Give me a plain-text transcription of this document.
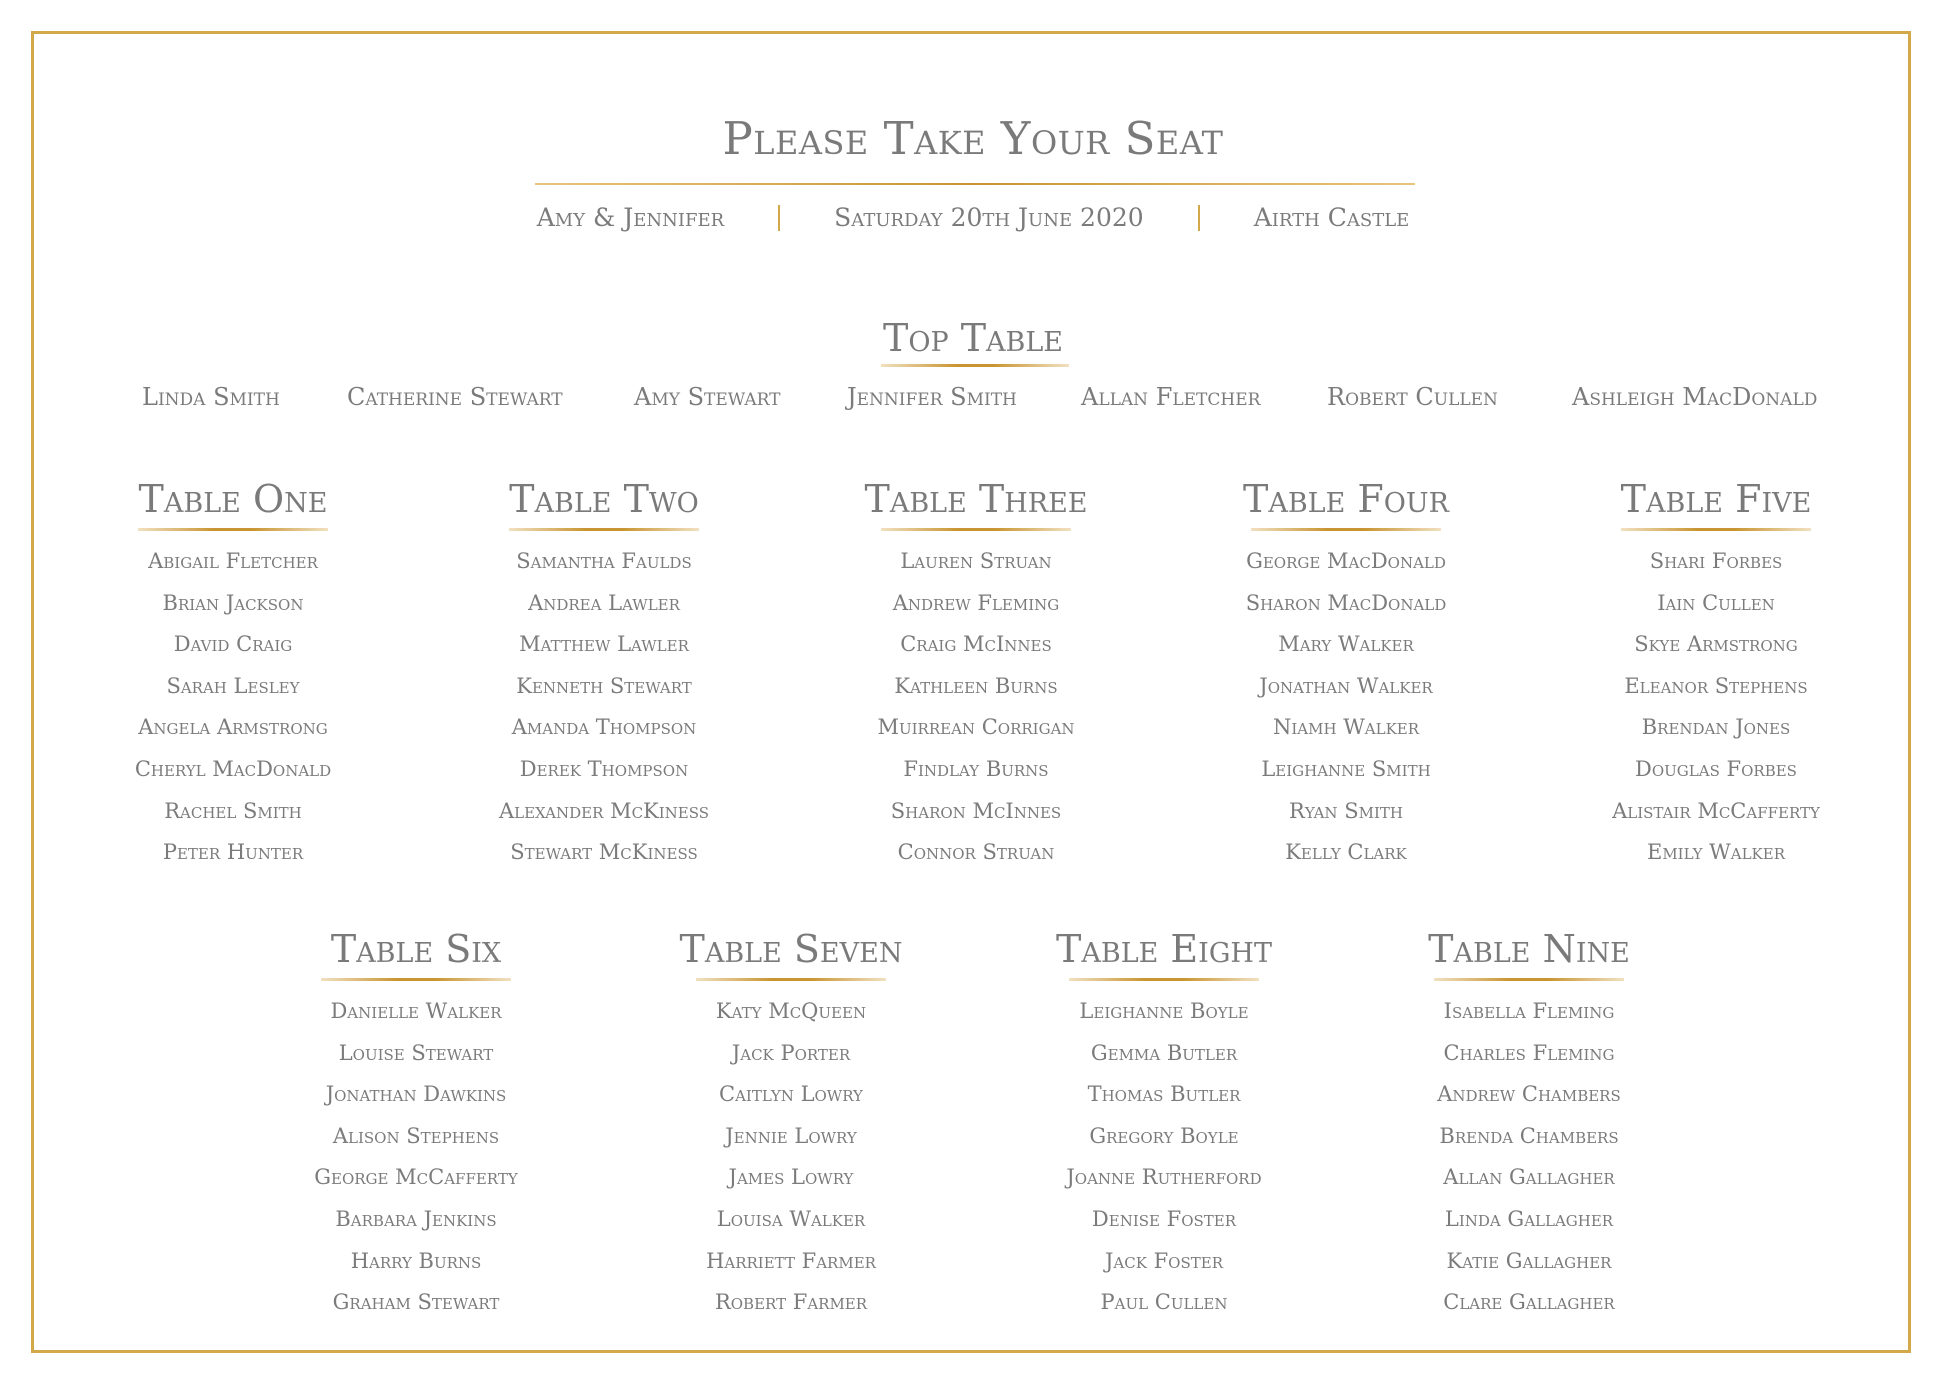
Please Take Your Seat
Amy & Jennifer	Saturday 20th June 2020	Airth Castle
Top Table
Linda Smith	Catherine Stewart	Amy Stewart	Jennifer Smith	Allan Fletcher	Robert Cullen	Ashleigh MacDonald
Table One
Abigail Fletcher
Brian Jackson
David Craig
Sarah Lesley
Angela Armstrong
Cheryl MacDonald
Rachel Smith
Peter Hunter
Table Two
Samantha Faulds
Andrea Lawler
Matthew Lawler
Kenneth Stewart
Amanda Thompson
Derek Thompson
Alexander McKiness
Stewart McKiness
Table Three
Lauren Struan
Andrew Fleming
Craig McInnes
Kathleen Burns
Muirrean Corrigan
Findlay Burns
Sharon McInnes
Connor Struan
Table Four
George MacDonald
Sharon MacDonald
Mary Walker
Jonathan Walker
Niamh Walker
Leighanne Smith
Ryan Smith
Kelly Clark
Table Five
Shari Forbes
Iain Cullen
Skye Armstrong
Eleanor Stephens
Brendan Jones
Douglas Forbes
Alistair McCafferty
Emily Walker
Table Six
Danielle Walker
Louise Stewart
Jonathan Dawkins
Alison Stephens
George McCafferty
Barbara Jenkins
Harry Burns
Graham Stewart
Table Seven
Katy McQueen
Jack Porter
Caitlyn Lowry
Jennie Lowry
James Lowry
Louisa Walker
Harriett Farmer
Robert Farmer
Table Eight
Leighanne Boyle
Gemma Butler
Thomas Butler
Gregory Boyle
Joanne Rutherford
Denise Foster
Jack Foster
Paul Cullen
Table Nine
Isabella Fleming
Charles Fleming
Andrew Chambers
Brenda Chambers
Allan Gallagher
Linda Gallagher
Katie Gallagher
Clare Gallagher
